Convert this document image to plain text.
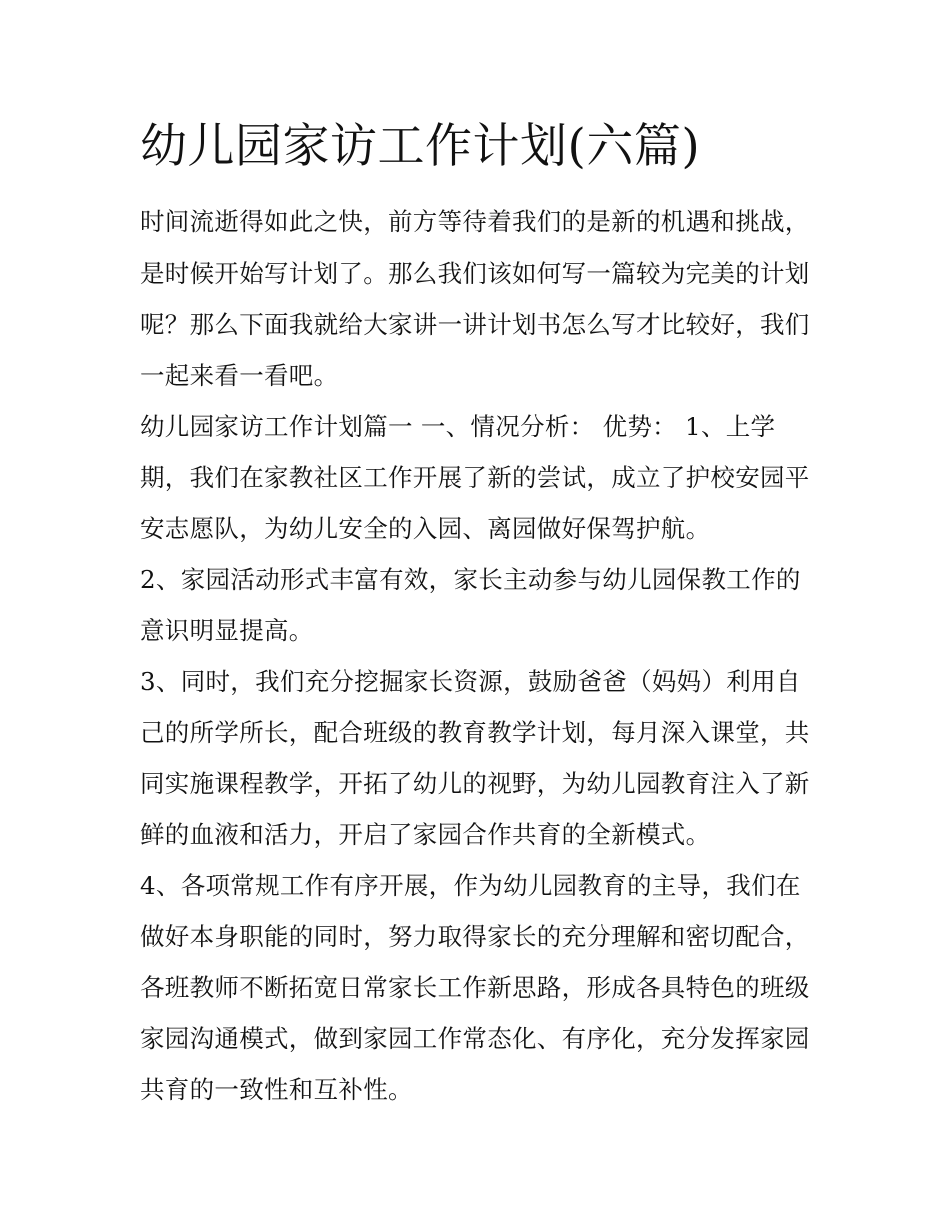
幼儿园家访工作计划(六篇)

时间流逝得如此之快，前方等待着我们的是新的机遇和挑战，

是时候开始写计划了。那么我们该如何写一篇较为完美的计划

呢？那么下面我就给大家讲一讲计划书怎么写才比较好，我们

一起来看一看吧。

幼儿园家访工作计划篇一 一、情况分析： 优势： 1、上学

期，我们在家教社区工作开展了新的尝试，成立了护校安园平

安志愿队，为幼儿安全的入园、离园做好保驾护航。

2、家园活动形式丰富有效，家长主动参与幼儿园保教工作的

意识明显提高。

3、同时，我们充分挖掘家长资源，鼓励爸爸（妈妈）利用自

己的所学所长，配合班级的教育教学计划，每月深入课堂，共

同实施课程教学，开拓了幼儿的视野，为幼儿园教育注入了新

鲜的血液和活力，开启了家园合作共育的全新模式。

4、各项常规工作有序开展，作为幼儿园教育的主导，我们在

做好本身职能的同时，努力取得家长的充分理解和密切配合，

各班教师不断拓宽日常家长工作新思路，形成各具特色的班级

家园沟通模式，做到家园工作常态化、有序化，充分发挥家园

共育的一致性和互补性。
